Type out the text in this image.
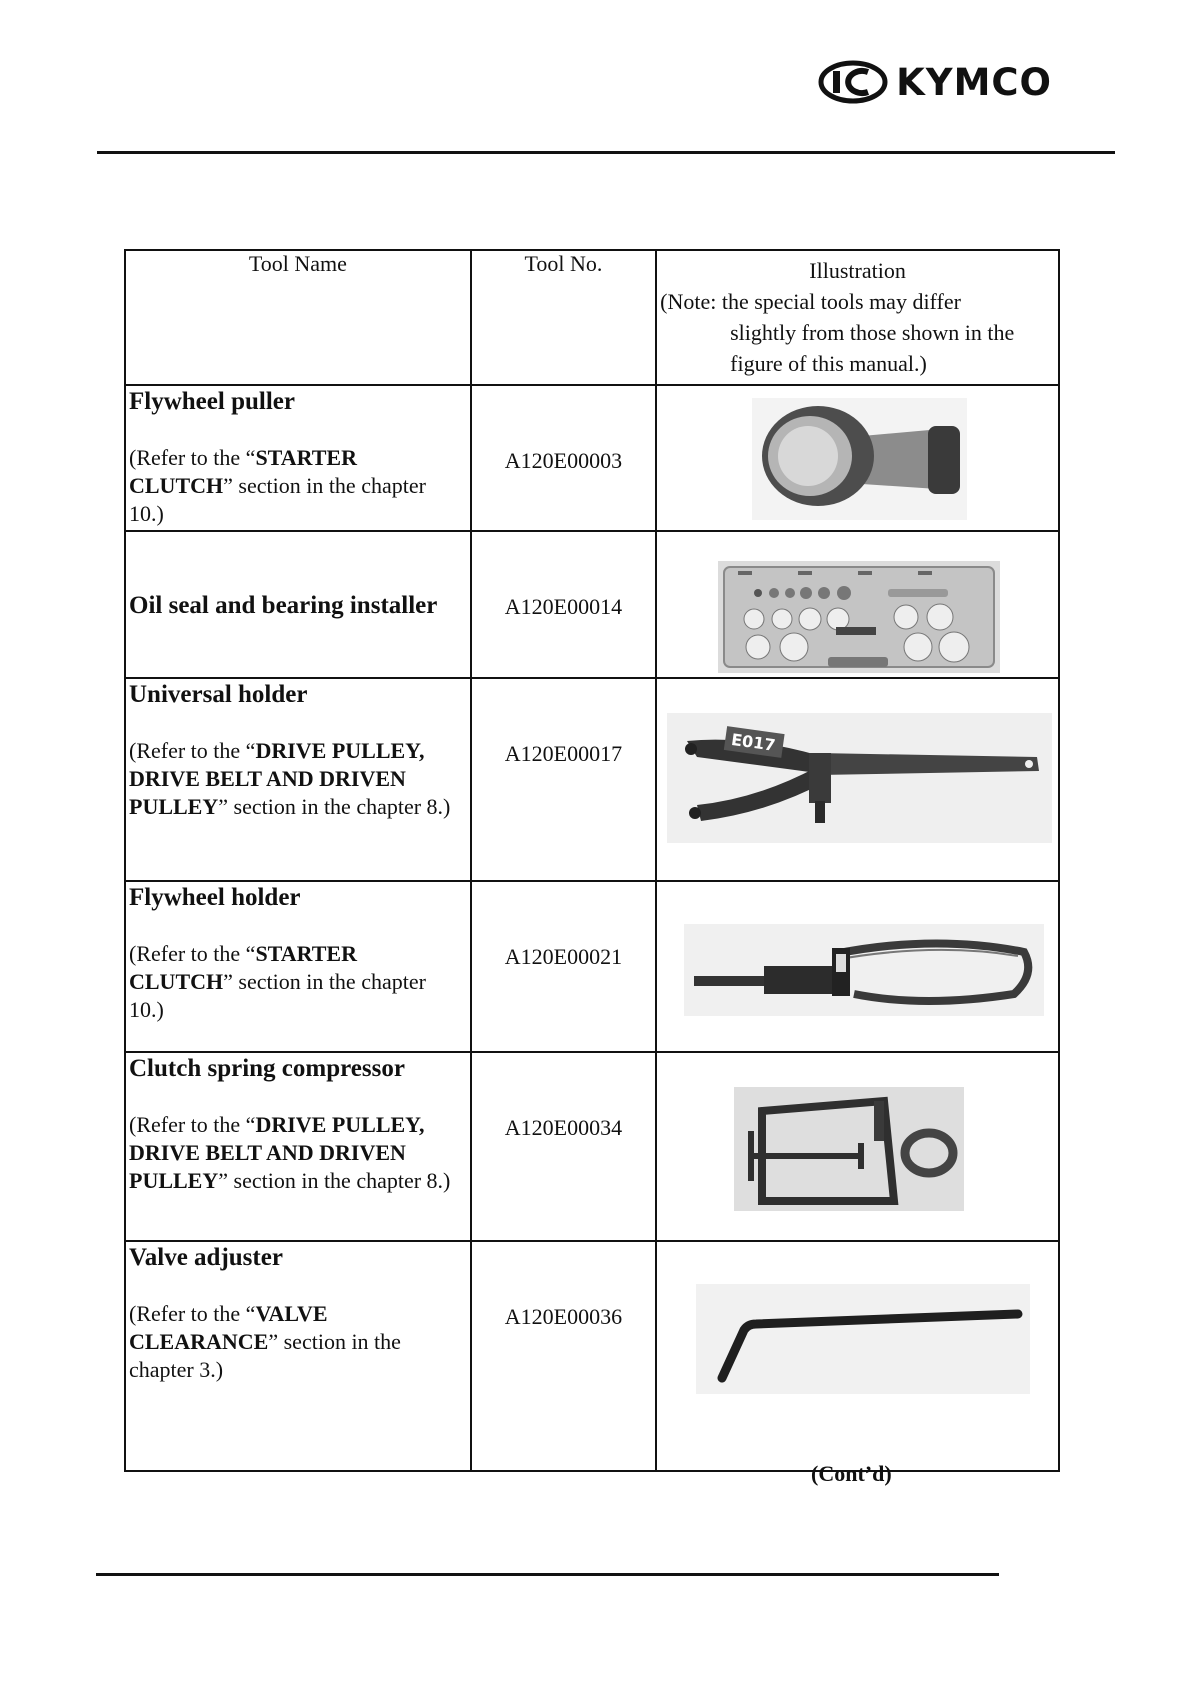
KYMCO
Tool Name	Tool No.	Illustration
(Note: the special tools may differ
slightly from those shown in the
figure of this manual.)

Flywheel puller
(Refer to the “STARTER CLUTCH” section in the chapter 10.)	A120E00003	

Oil seal and bearing installer	A120E00014	

Universal holder
(Refer to the “DRIVE PULLEY, DRIVE BELT AND DRIVEN PULLEY” section in the chapter 8.)	A120E00017	E017

Flywheel holder
(Refer to the “STARTER CLUTCH” section in the chapter 10.)	A120E00021	

Clutch spring compressor
(Refer to the “DRIVE PULLEY, DRIVE BELT AND DRIVEN PULLEY” section in the chapter 8.)	A120E00034	

Valve adjuster
(Refer to the “VALVE CLEARANCE” section in the chapter 3.)	A120E00036	
(Cont’d)
